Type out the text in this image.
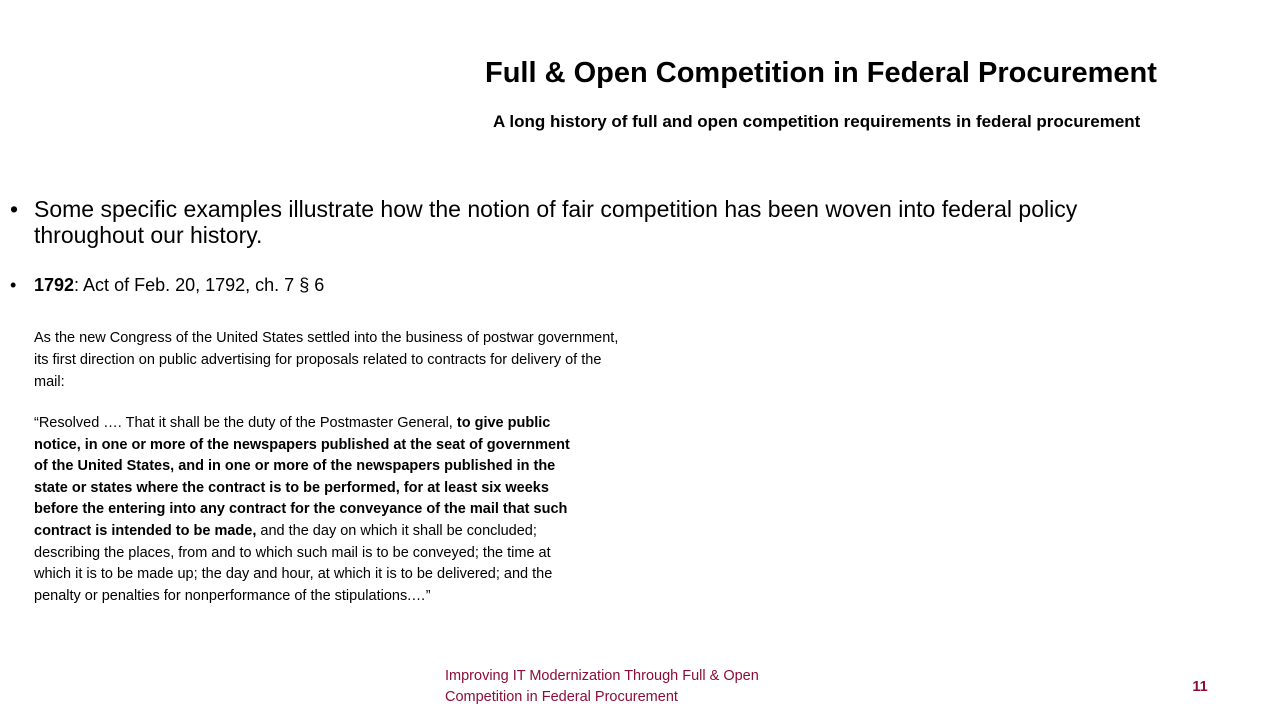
Full & Open Competition in Federal Procurement
A long history of full and open competition requirements in federal procurement
• Some specific examples illustrate how the notion of fair competition has been woven into federal policy throughout our history.
• 1792: Act of Feb. 20, 1792, ch. 7 § 6
As the new Congress of the United States settled into the business of postwar government, its first direction on public advertising for proposals related to contracts for delivery of the mail:
“Resolved …. That it shall be the duty of the Postmaster General, to give public notice, in one or more of the newspapers published at the seat of government of the United States, and in one or more of the newspapers published in the state or states where the contract is to be performed, for at least six weeks before the entering into any contract for the conveyance of the mail that such contract is intended to be made, and the day on which it shall be concluded; describing the places, from and to which such mail is to be conveyed; the time at which it is to be made up; the day and hour, at which it is to be delivered; and the penalty or penalties for nonperformance of the stipulations.…”
Improving IT Modernization Through Full & Open
Competition in Federal Procurement
11
